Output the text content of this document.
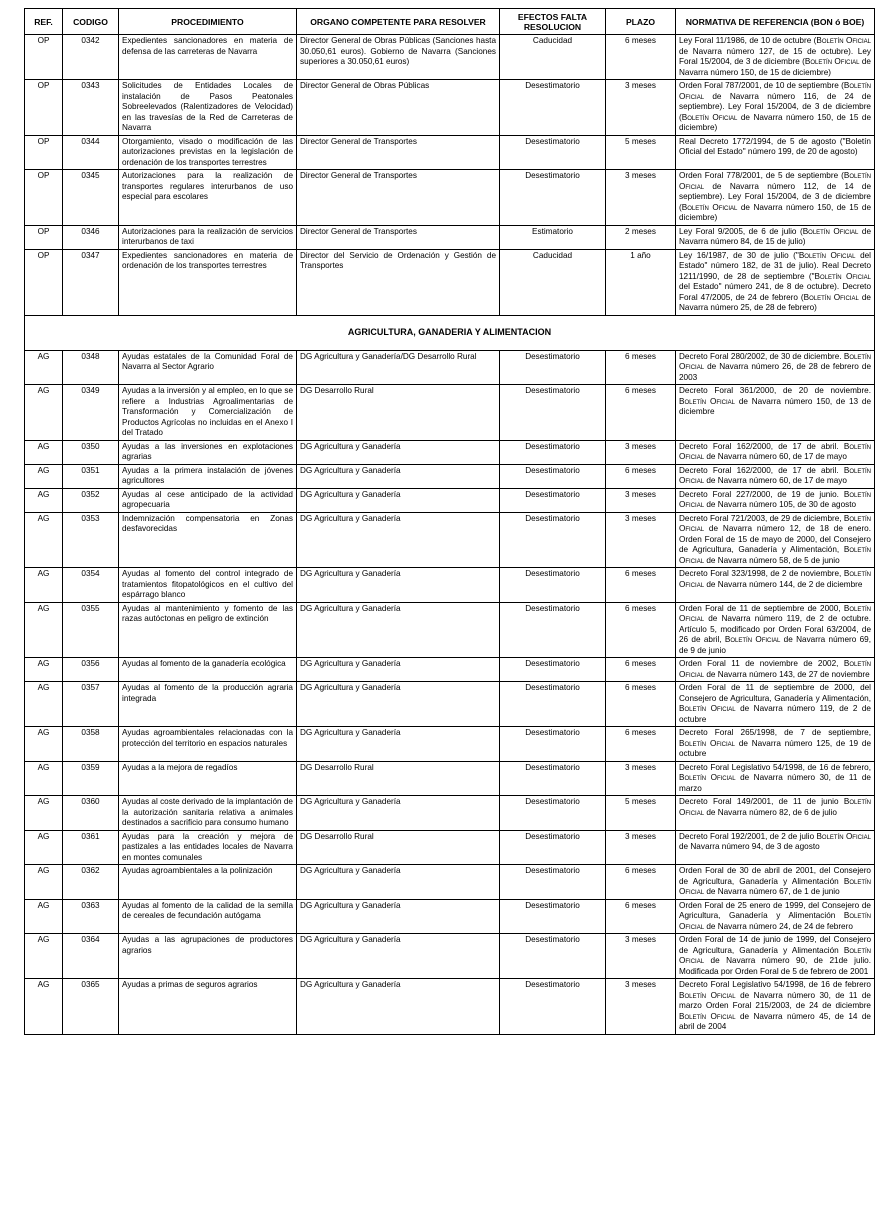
REF.	CODIGO	PROCEDIMIENTO	ORGANO COMPETENTE PARA RESOLVER	EFECTOS FALTA RESOLUCION	PLAZO	NORMATIVA DE REFERENCIA (BON ó BOE)
OP	0342	Expedientes sancionadores en materia de defensa de las carreteras de Navarra	Director General de Obras Públicas (Sanciones hasta 30.050,61 euros). Gobierno de Navarra (Sanciones superiores a 30.050,61 euros)	Caducidad	6 meses	Ley Foral 11/1986, de 10 de octubre (Boletín Oficial de Navarra número 127, de 15 de octubre). Ley Foral 15/2004, de 3 de diciembre (Boletín Oficial de Navarra número 150, de 15 de diciembre)
OP	0343	Solicitudes de Entidades Locales de instalación de Pasos Peatonales Sobreelevados (Ralentizadores de Velocidad) en las travesías de la Red de Carreteras de Navarra	Director General de Obras Públicas	Desestimatorio	3 meses	Orden Foral 787/2001, de 10 de septiembre (Boletín Oficial de Navarra número 116, de 24 de septiembre). Ley Foral 15/2004, de 3 de diciembre (Boletín Oficial de Navarra número 150, de 15 de diciembre)
OP	0344	Otorgamiento, visado o modificación de las autorizaciones previstas en la legislación de ordenación de los transportes terrestres	Director General de Transportes	Desestimatorio	5 meses	Real Decreto 1772/1994, de 5 de agosto ("Boletín Oficial del Estado" número 199, de 20 de agosto)
OP	0345	Autorizaciones para la realización de transportes regulares interurbanos de uso especial para escolares	Director General de Transportes	Desestimatorio	3 meses	Orden Foral 778/2001, de 5 de septiembre (Boletín Oficial de Navarra número 112, de 14 de septiembre). Ley Foral 15/2004, de 3 de diciembre (Boletín Oficial de Navarra número 150, de 15 de diciembre)
OP	0346	Autorizaciones para la realización de servicios interurbanos de taxi	Director General de Transportes	Estimatorio	2 meses	Ley Foral 9/2005, de 6 de julio (Boletín Oficial de Navarra número 84, de 15 de julio)
OP	0347	Expedientes sancionadores en materia de ordenación de los transportes terrestres	Director del Servicio de Ordenación y Gestión de Transportes	Caducidad	1 año	Ley 16/1987, de 30 de julio ("Boletín Oficial del Estado" número 182, de 31 de julio). Real Decreto 1211/1990, de 28 de septiembre ("Boletín Oficial del Estado" número 241, de 8 de octubre). Decreto Foral 47/2005, de 24 de febrero (Boletín Oficial de Navarra número 25, de 28 de febrero)
AGRICULTURA, GANADERIA Y ALIMENTACION						
AG	0348	Ayudas estatales de la Comunidad Foral de Navarra al Sector Agrario	DG Agricultura y Ganadería/DG Desarrollo Rural	Desestimatorio	6 meses	Decreto Foral 280/2002, de 30 de diciembre. Boletín Oficial de Navarra número 26, de 28 de febrero de 2003
AG	0349	Ayudas a la inversión y al empleo, en lo que se refiere a Industrias Agroalimentarias de Transformación y Comercialización de Productos Agrícolas no incluidas en el Anexo I del Tratado	DG Desarrollo Rural	Desestimatorio	6 meses	Decreto Foral 361/2000, de 20 de noviembre. Boletín Oficial de Navarra número 150, de 13 de diciembre
AG	0350	Ayudas a las inversiones en explotaciones agrarias	DG Agricultura y Ganadería	Desestimatorio	3 meses	Decreto Foral 162/2000, de 17 de abril. Boletín Oficial de Navarra número 60, de 17 de mayo
AG	0351	Ayudas a la primera instalación de jóvenes agricultores	DG Agricultura y Ganadería	Desestimatorio	6 meses	Decreto Foral 162/2000, de 17 de abril. Boletín Oficial de Navarra número 60, de 17 de mayo
AG	0352	Ayudas al cese anticipado de la actividad agropecuaria	DG Agricultura y Ganadería	Desestimatorio	3 meses	Decreto Foral 227/2000, de 19 de junio. Boletín Oficial de Navarra número 105, de 30 de agosto
AG	0353	Indemnización compensatoria en Zonas desfavorecidas	DG Agricultura y Ganadería	Desestimatorio	3 meses	Decreto Foral 721/2003, de 29 de diciembre, Boletín Oficial de Navarra número 12, de 18 de enero. Orden Foral de 15 de mayo de 2000, del Consejero de Agricultura, Ganadería y Alimentación, Boletín Oficial de Navarra número 58, de 5 de junio
AG	0354	Ayudas al fomento del control integrado de tratamientos fitopatológicos en el cultivo del espárrago blanco	DG Agricultura y Ganadería	Desestimatorio	6 meses	Decreto Foral 323/1998, de 2 de noviembre, Boletín Oficial de Navarra número 144, de 2 de diciembre
AG	0355	Ayudas al mantenimiento y fomento de las razas autóctonas en peligro de extinción	DG Agricultura y Ganadería	Desestimatorio	6 meses	Orden Foral de 11 de septiembre de 2000, Boletín Oficial de Navarra número 119, de 2 de octubre. Artículo 5, modificado por Orden Foral 63/2004, de 26 de abril, Boletín Oficial de Navarra número 69, de 9 de junio
AG	0356	Ayudas al fomento de la ganadería ecológica	DG Agricultura y Ganadería	Desestimatorio	6 meses	Orden Foral 11 de noviembre de 2002, Boletín Oficial de Navarra número 143, de 27 de noviembre
AG	0357	Ayudas al fomento de la producción agraria integrada	DG Agricultura y Ganadería	Desestimatorio	6 meses	Orden Foral de 11 de septiembre de 2000, del Consejero de Agricultura, Ganadería y Alimentación, Boletín Oficial de Navarra número 119, de 2 de octubre
AG	0358	Ayudas agroambientales relacionadas con la protección del territorio en espacios naturales	DG Agricultura y Ganadería	Desestimatorio	6 meses	Decreto Foral 265/1998, de 7 de septiembre, Boletín Oficial de Navarra número 125, de 19 de octubre
AG	0359	Ayudas a la mejora de regadíos	DG Desarrollo Rural	Desestimatorio	3 meses	Decreto Foral Legislativo 54/1998, de 16 de febrero, Boletín Oficial de Navarra número 30, de 11 de marzo
AG	0360	Ayudas al coste derivado de la implantación de la autorización sanitaria relativa a animales destinados a sacrificio para consumo humano	DG Agricultura y Ganadería	Desestimatorio	5 meses	Decreto Foral 149/2001, de 11 de junio Boletín Oficial de Navarra número 82, de 6 de julio
AG	0361	Ayudas para la creación y mejora de pastizales a las entidades locales de Navarra en montes comunales	DG Desarrollo Rural	Desestimatorio	3 meses	Decreto Foral 192/2001, de 2 de julio Boletín Oficial de Navarra número 94, de 3 de agosto
AG	0362	Ayudas agroambientales a la polinización	DG Agricultura y Ganadería	Desestimatorio	6 meses	Orden Foral de 30 de abril de 2001, del Consejero de Agricultura, Ganadería y Alimentación Boletín Oficial de Navarra número 67, de 1 de junio
AG	0363	Ayudas al fomento de la calidad de la semilla de cereales de fecundación autógama	DG Agricultura y Ganadería	Desestimatorio	6 meses	Orden Foral de 25 enero de 1999, del Consejero de Agricultura, Ganadería y Alimentación Boletín Oficial de Navarra número 24, de 24 de febrero
AG	0364	Ayudas a las agrupaciones de productores agrarios	DG Agricultura y Ganadería	Desestimatorio	3 meses	Orden Foral de 14 de junio de 1999, del Consejero de Agricultura, Ganadería y Alimentación Boletín Oficial de Navarra número 90, de 21de julio. Modificada por Orden Foral de 5 de febrero de 2001
AG	0365	Ayudas a primas de seguros agrarios	DG Agricultura y Ganadería	Desestimatorio	3 meses	Decreto Foral Legislativo 54/1998, de 16 de febrero Boletín Oficial de Navarra número 30, de 11 de marzo Orden Foral 215/2003, de 24 de diciembre Boletín Oficial de Navarra número 45, de 14 de abril de 2004
